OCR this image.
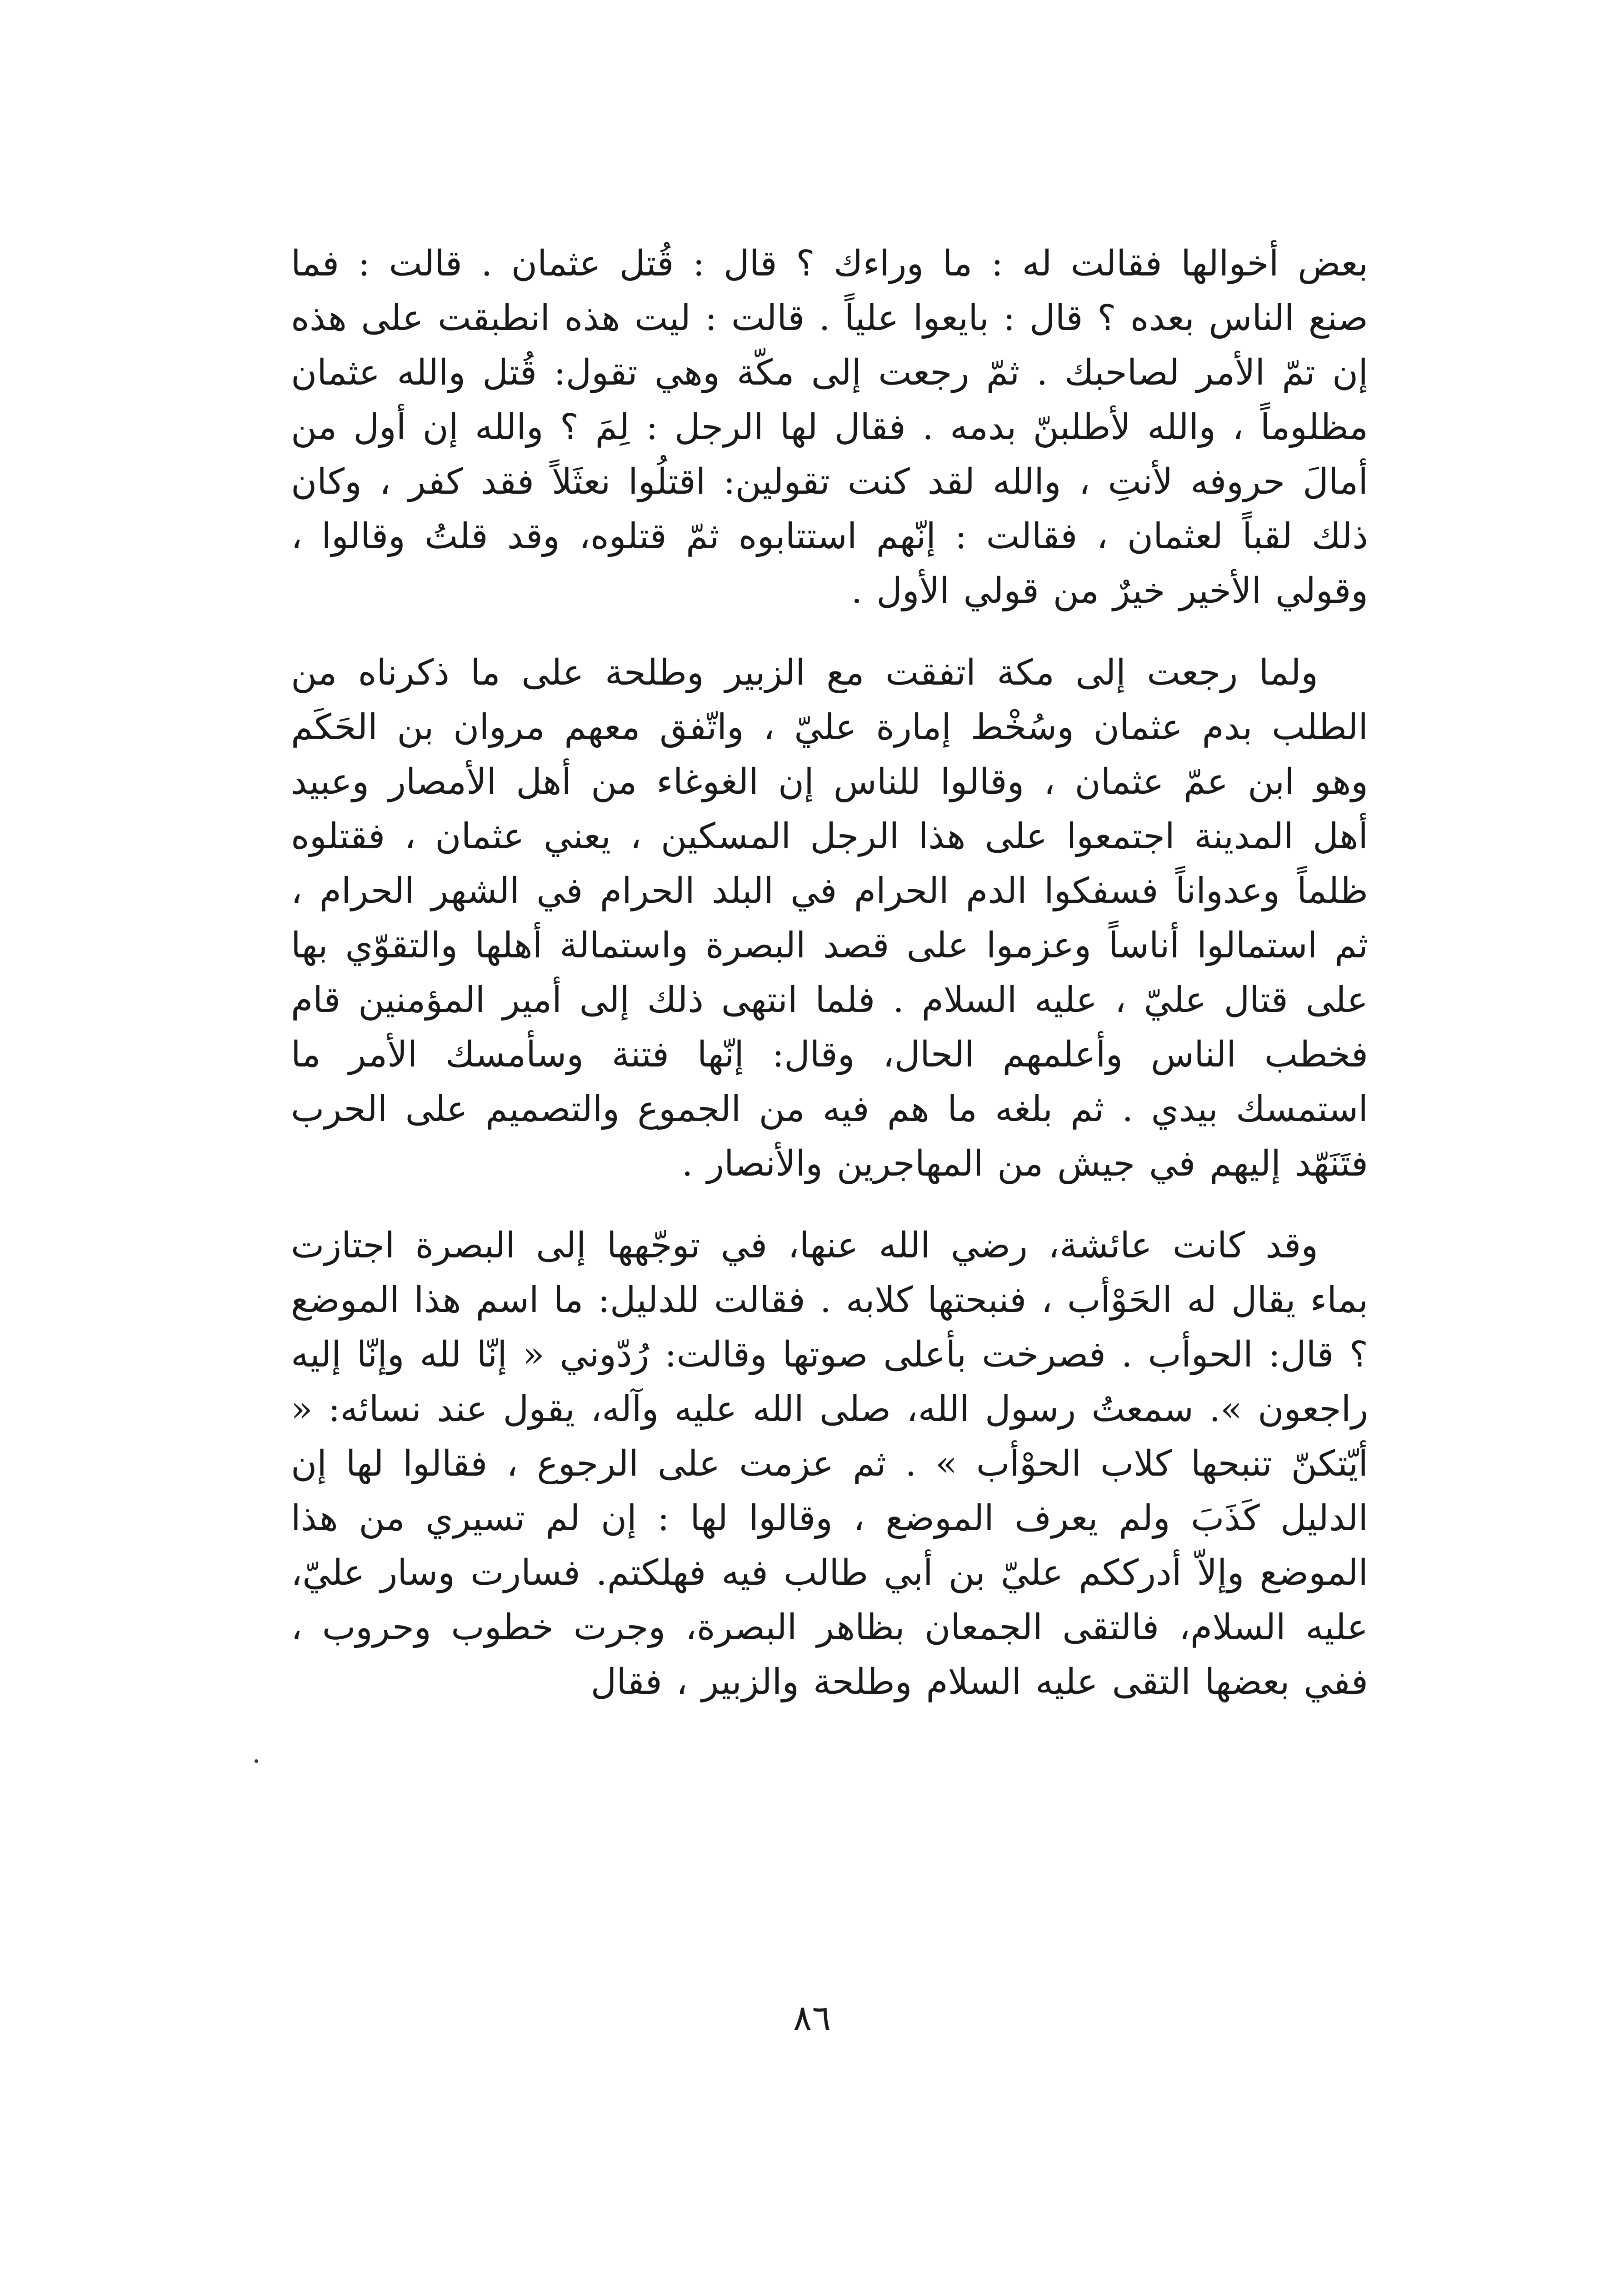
بعض أخوالها فقالت له : ما وراءك ؟ قال : قُتل عثمان . قالت : فما صنع الناس بعده ؟ قال : بايعوا علياً . قالت : ليت هذه انطبقت على هذه إن تمّ الأمر لصاحبك . ثمّ رجعت إلى مكّة وهي تقول: قُتل والله عثمان مظلوماً ، والله لأطلبنّ بدمه . فقال لها الرجل : لِمَ ؟ والله إن أول من أمالَ حروفه لأنتِ ، والله لقد كنت تقولين: اقتلُوا نعثَلاً فقد كفر ، وكان ذلك لقباً لعثمان ، فقالت : إنّهم استتابوه ثمّ قتلوه، وقد قلتُ وقالوا ، وقولي الأخير خيرٌ من قولي الأول .

ولما رجعت إلى مكة اتفقت مع الزبير وطلحة على ما ذكرناه من الطلب بدم عثمان وسُخْط إمارة عليّ ، واتّفق معهم مروان بن الحَكَم وهو ابن عمّ عثمان ، وقالوا للناس إن الغوغاء من أهل الأمصار وعبيد أهل المدينة اجتمعوا على هذا الرجل المسكين ، يعني عثمان ، فقتلوه ظلماً وعدواناً فسفكوا الدم الحرام في البلد الحرام في الشهر الحرام ، ثم استمالوا أناساً وعزموا على قصد البصرة واستمالة أهلها والتقوّي بها على قتال عليّ ، عليه السلام . فلما انتهى ذلك إلى أمير المؤمنين قام فخطب الناس وأعلمهم الحال، وقال: إنّها فتنة وسأمسك الأمر ما استمسك بيدي . ثم بلغه ما هم فيه من الجموع والتصميم على الحرب فتَنَهّد إليهم في جيش من المهاجرين والأنصار .

وقد كانت عائشة، رضي الله عنها، في توجّهها إلى البصرة اجتازت بماء يقال له الحَوْأب ، فنبحتها كلابه . فقالت للدليل: ما اسم هذا الموضع ؟ قال: الحوأب . فصرخت بأعلى صوتها وقالت: رُدّوني « إنّا لله وإنّا إليه راجعون ». سمعتُ رسول الله، صلى الله عليه وآله، يقول عند نسائه: « أيّتكنّ تنبحها كلاب الحوْأب » . ثم عزمت على الرجوع ، فقالوا لها إن الدليل كَذَبَ ولم يعرف الموضع ، وقالوا لها : إن لم تسيري من هذا الموضع وإلاّ أدرككم عليّ بن أبي طالب فيه فهلكتم. فسارت وسار عليّ، عليه السلام، فالتقى الجمعان بظاهر البصرة، وجرت خطوب وحروب ، ففي بعضها التقى عليه السلام وطلحة والزبير ، فقال

٨٦
